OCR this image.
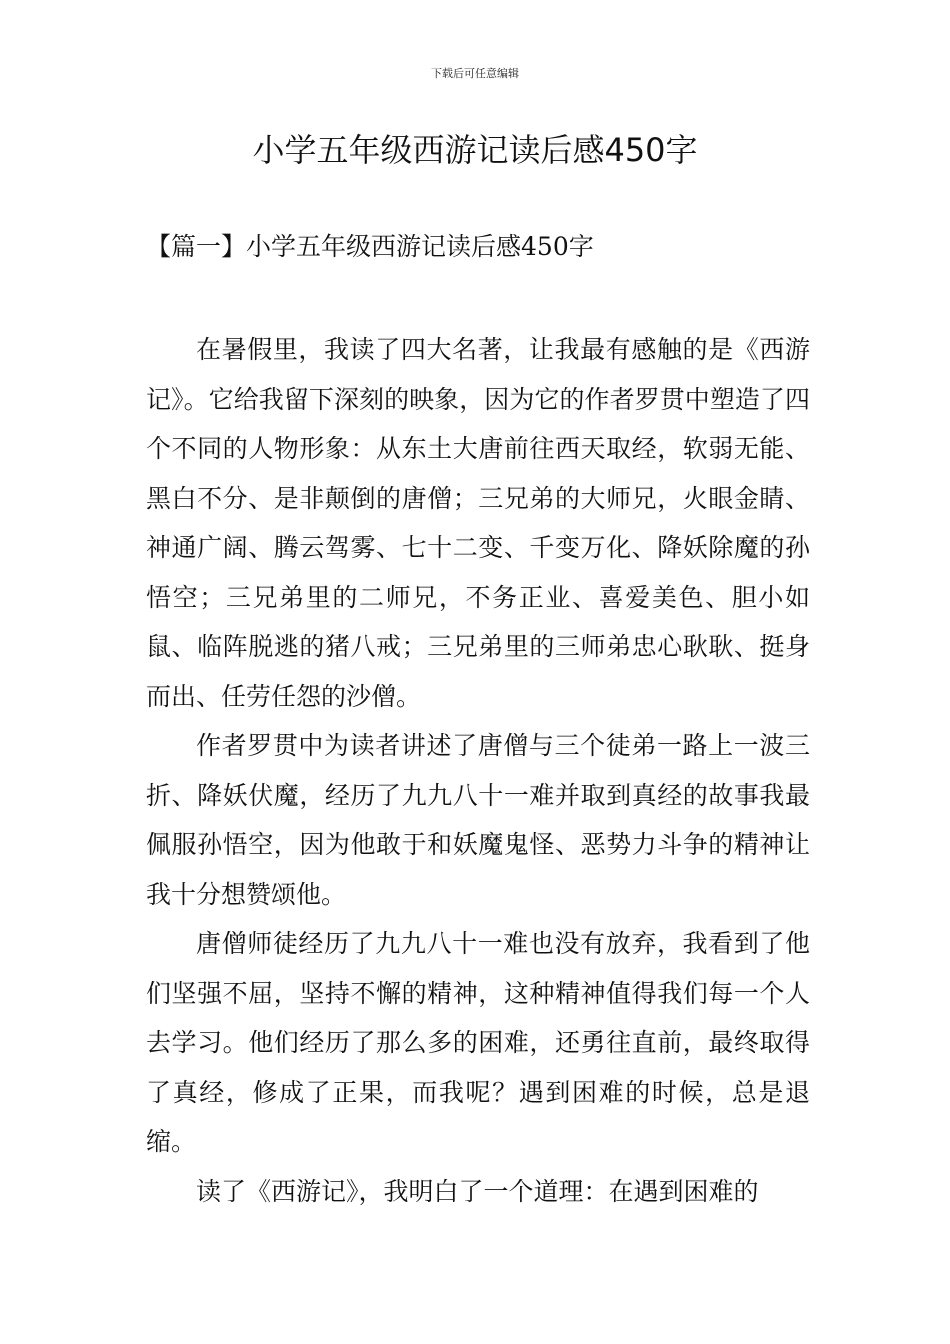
下载后可任意编辑
小学五年级西游记读后感450字
【篇一】小学五年级西游记读后感450字

在暑假里，我读了四大名著，让我最有感触的是《西游记》。它给我留下深刻的映象，因为它的作者罗贯中塑造了四个不同的人物形象：从东土大唐前往西天取经，软弱无能、黑白不分、是非颠倒的唐僧；三兄弟的大师兄，火眼金睛、神通广阔、腾云驾雾、七十二变、千变万化、降妖除魔的孙悟空；三兄弟里的二师兄，不务正业、喜爱美色、胆小如鼠、临阵脱逃的猪八戒；三兄弟里的三师弟忠心耿耿、挺身而出、任劳任怨的沙僧。

作者罗贯中为读者讲述了唐僧与三个徒弟一路上一波三折、降妖伏魔，经历了九九八十一难并取到真经的故事我最佩服孙悟空，因为他敢于和妖魔鬼怪、恶势力斗争的精神让我十分想赞颂他。

唐僧师徒经历了九九八十一难也没有放弃，我看到了他们坚强不屈，坚持不懈的精神，这种精神值得我们每一个人去学习。他们经历了那么多的困难，还勇往直前，最终取得了真经，修成了正果，而我呢？遇到困难的时候，总是退缩。

读了《西游记》，我明白了一个道理：在遇到困难的
